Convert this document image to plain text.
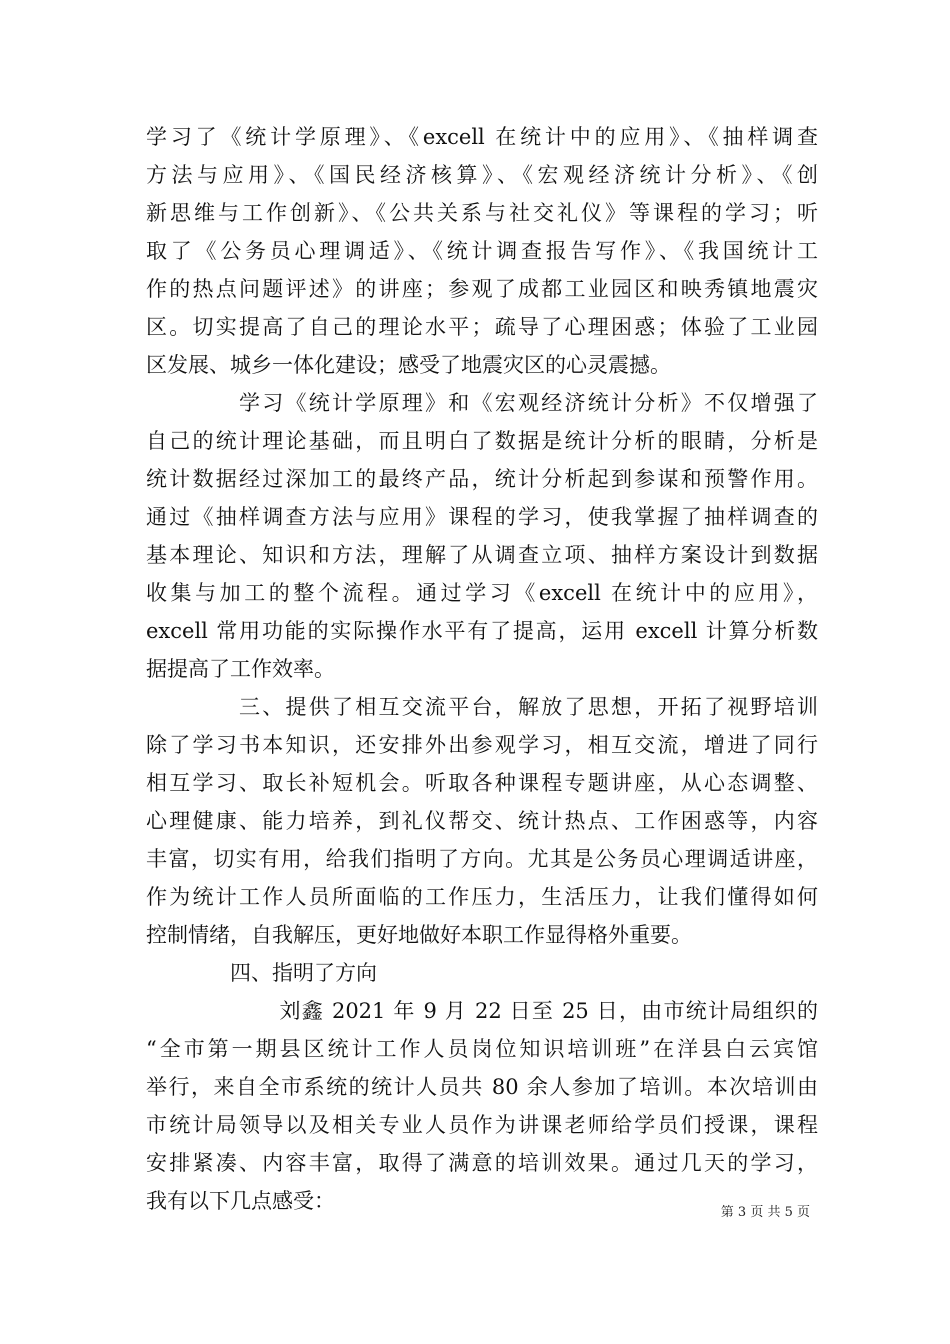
学习了《统计学原理》、《excell 在统计中的应用》、《抽样调查
方法与应用》、《国民经济核算》、《宏观经济统计分析》、《创
新思维与工作创新》、《公共关系与社交礼仪》等课程的学习；听
取了《公务员心理调适》、《统计调查报告写作》、《我国统计工
作的热点问题评述》的讲座；参观了成都工业园区和映秀镇地震灾
区。切实提高了自己的理论水平；疏导了心理困惑；体验了工业园
区发展、城乡一体化建设；感受了地震灾区的心灵震撼。
　　　　学习《统计学原理》和《宏观经济统计分析》不仅增强了
自己的统计理论基础，而且明白了数据是统计分析的眼睛，分析是
统计数据经过深加工的最终产品，统计分析起到参谋和预警作用。
通过《抽样调查方法与应用》课程的学习，使我掌握了抽样调查的
基本理论、知识和方法，理解了从调查立项、抽样方案设计到数据
收集与加工的整个流程。通过学习《excell 在统计中的应用》，
excell 常用功能的实际操作水平有了提高，运用 excell 计算分析数
据提高了工作效率。
　　　　三、提供了相互交流平台，解放了思想，开拓了视野培训
除了学习书本知识，还安排外出参观学习，相互交流，增进了同行
相互学习、取长补短机会。听取各种课程专题讲座，从心态调整、
心理健康、能力培养，到礼仪帮交、统计热点、工作困惑等，内容
丰富，切实有用，给我们指明了方向。尤其是公务员心理调适讲座，
作为统计工作人员所面临的工作压力，生活压力，让我们懂得如何
控制情绪，自我解压，更好地做好本职工作显得格外重要。
　　　　四、指明了方向
　　　　　　刘鑫 2021 年 9 月 22 日至 25 日，由市统计局组织的
“全市第一期县区统计工作人员岗位知识培训班”在洋县白云宾馆
举行，来自全市系统的统计人员共 80 余人参加了培训。本次培训由
市统计局领导以及相关专业人员作为讲课老师给学员们授课，课程
安排紧凑、内容丰富，取得了满意的培训效果。通过几天的学习，
我有以下几点感受：	第 3 页 共 5 页
